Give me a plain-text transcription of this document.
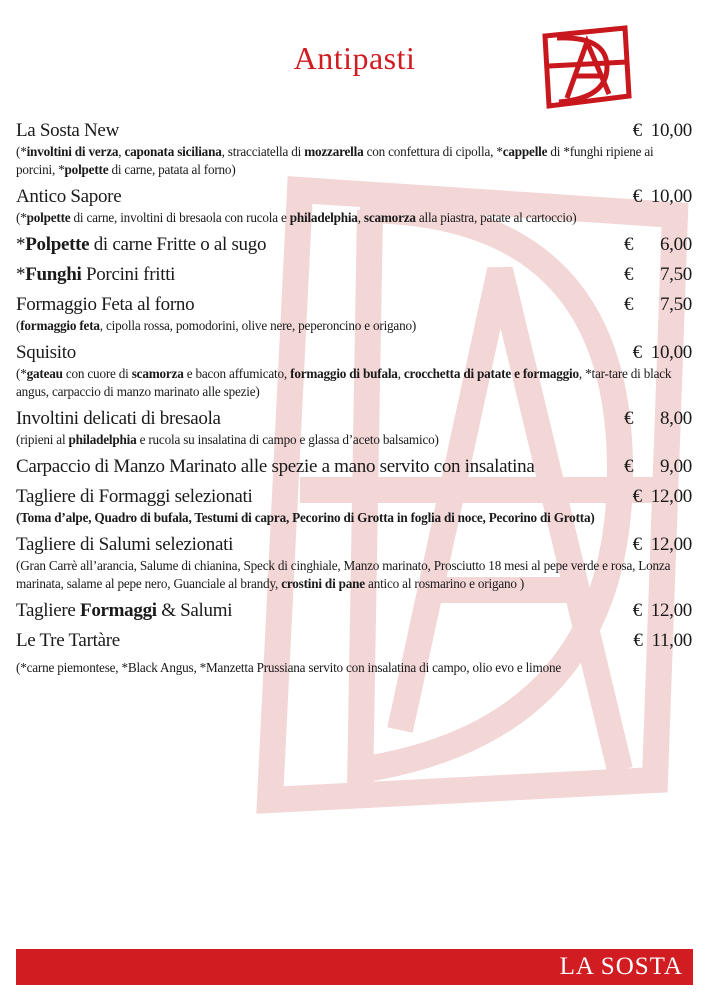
Antipasti
La Sosta New	€  10,00
(*involtini di verza, caponata siciliana, stracciatella di mozzarella con confettura di cipolla, *cappelle di *funghi ripiene ai porcini, *polpette di carne, patata al forno)
Antico Sapore	€  10,00
(*polpette di carne, involtini di bresaola con rucola e philadelphia, scamorza alla piastra, patate al cartoccio)
*Polpette di carne Fritte o al sugo	€      6,00
*Funghi Porcini fritti	€      7,50
Formaggio Feta al forno	€      7,50
(formaggio feta, cipolla rossa, pomodorini, olive nere, peperoncino e origano)
Squisito	€  10,00
(*gateau con cuore di scamorza e bacon affumicato, formaggio di bufala, crocchetta di patate e formaggio, *tar-tare di black angus, carpaccio di manzo marinato alle spezie)
Involtini delicati di bresaola	€      8,00
(ripieni al philadelphia e rucola su insalatina di campo e glassa d’aceto balsamico)
Carpaccio di Manzo Marinato alle spezie a mano servito con insalatina	€      9,00
Tagliere di Formaggi selezionati	€  12,00
(Toma d’alpe, Quadro di bufala, Testumi di capra, Pecorino di Grotta in foglia di noce, Pecorino di Grotta)
Tagliere di Salumi selezionati	€  12,00
(Gran Carrè all’arancia, Salume di chianina, Speck di cinghiale, Manzo marinato, Prosciutto 18 mesi al pepe verde e rosa, Lonza marinata, salame al pepe nero, Guanciale al brandy, crostini di pane antico al rosmarino e origano )
Tagliere Formaggi & Salumi	€  12,00
Le Tre Tartàre	€  11,00
(*carne piemontese, *Black Angus, *Manzetta Prussiana servito con insalatina di campo, olio evo e limone
LA SOSTA
